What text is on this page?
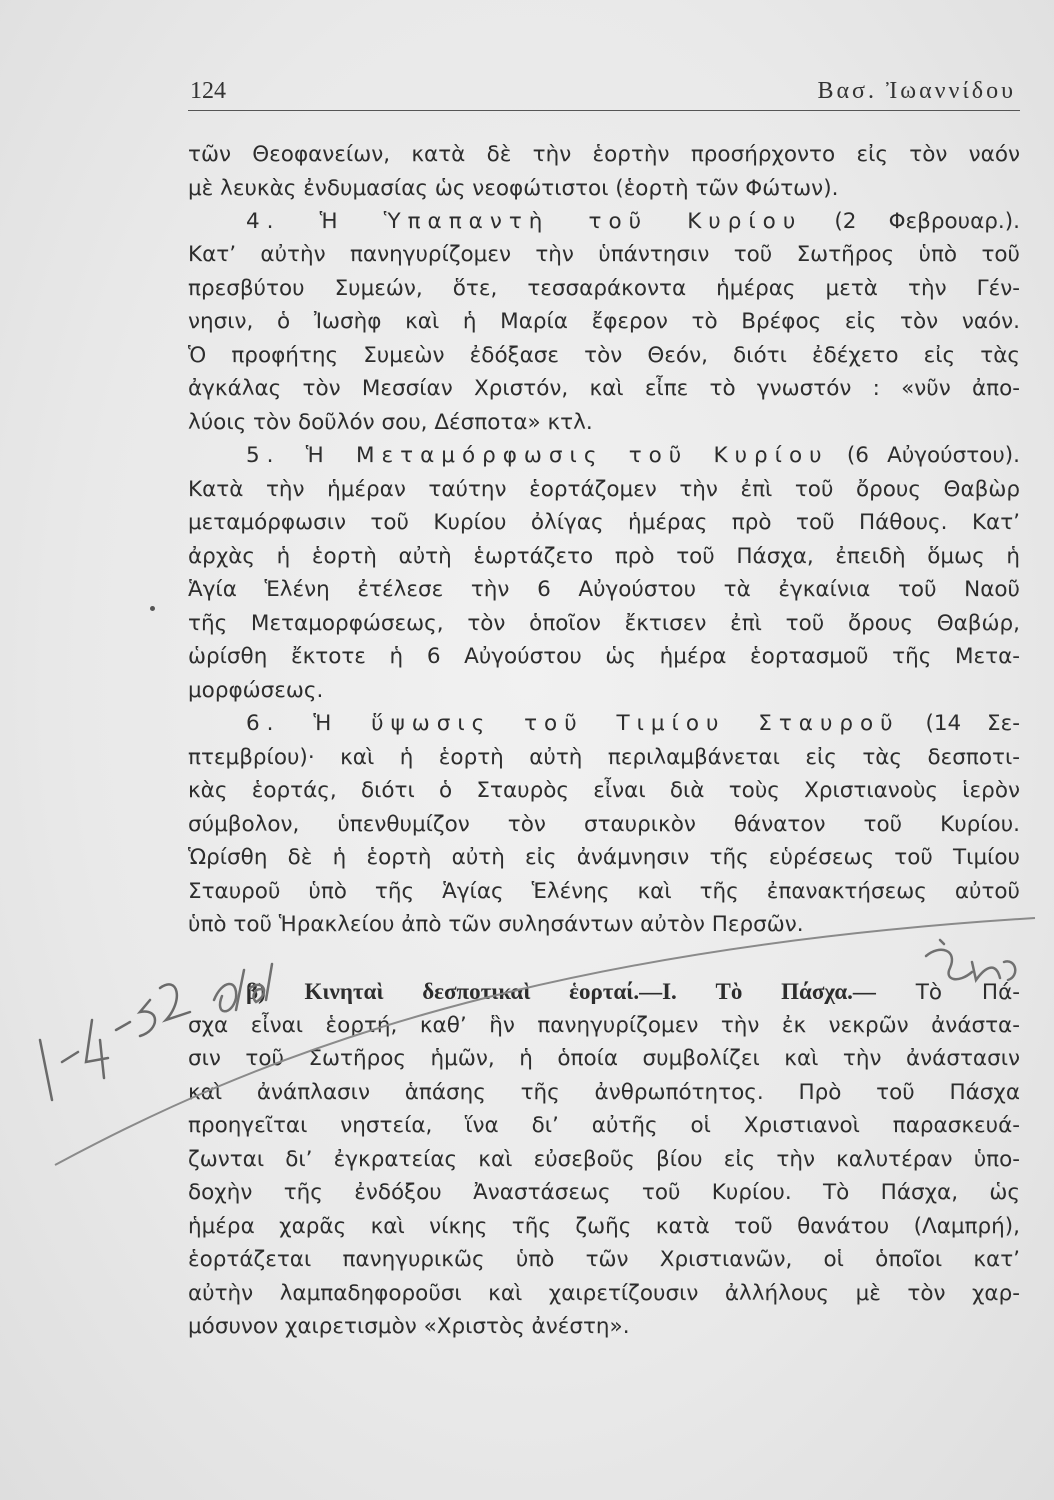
124	Βασ. Ἰωαννίδου
τῶν Θεοφανείων, κατὰ δὲ τὴν ἑορτὴν προσήρχοντο εἰς τὸν ναόν
μὲ λευκὰς ἐνδυμασίας ὡς νεοφώτιστοι (ἑορτὴ τῶν Φώτων).
4. Ἡ Ὑπαπαντὴ τοῦ Κυρίου (2 Φεβρουαρ.).
Κατ’ αὐτὴν πανηγυρίζομεν τὴν ὑπάντησιν τοῦ Σωτῆρος ὑπὸ τοῦ
πρεσβύτου Συμεών, ὅτε, τεσσαράκοντα ἡμέρας μετὰ τὴν Γέν-
νησιν, ὁ Ἰωσὴφ καὶ ἡ Μαρία ἔφερον τὸ Βρέφος εἰς τὸν ναόν.
Ὁ προφήτης Συμεὼν ἐδόξασε τὸν Θεόν, διότι ἐδέχετο εἰς τὰς
ἀγκάλας τὸν Μεσσίαν Χριστόν, καὶ εἶπε τὸ γνωστόν : «νῦν ἀπο-
λύοις τὸν δοῦλόν σου, Δέσποτα» κτλ.
5. Ἡ Μεταμόρφωσις τοῦ Κυρίου (6 Αὐγούστου).
Κατὰ τὴν ἡμέραν ταύτην ἑορτάζομεν τὴν ἐπὶ τοῦ ὄρους Θαβὼρ
μεταμόρφωσιν τοῦ Κυρίου ὀλίγας ἡμέρας πρὸ τοῦ Πάθους. Κατ’
ἀρχὰς ἡ ἑορτὴ αὐτὴ ἑωρτάζετο πρὸ τοῦ Πάσχα, ἐπειδὴ ὅμως ἡ
Ἁγία Ἑλένη ἐτέλεσε τὴν 6 Αὐγούστου τὰ ἐγκαίνια τοῦ Ναοῦ
τῆς Μεταμορφώσεως, τὸν ὁποῖον ἔκτισεν ἐπὶ τοῦ ὄρους Θαβώρ,
ὡρίσθη ἔκτοτε ἡ 6 Αὐγούστου ὡς ἡμέρα ἑορτασμοῦ τῆς Μετα-
μορφώσεως.
6. Ἡ ὕψωσις τοῦ Τιμίου Σταυροῦ (14 Σε-
πτεμβρίου)· καὶ ἡ ἑορτὴ αὐτὴ περιλαμβάνεται εἰς τὰς δεσποτι-
κὰς ἑορτάς, διότι ὁ Σταυρὸς εἶναι διὰ τοὺς Χριστιανοὺς ἱερὸν
σύμβολον, ὑπενθυμίζον τὸν σταυρικὸν θάνατον τοῦ Κυρίου.
Ὡρίσθη δὲ ἡ ἑορτὴ αὐτὴ εἰς ἀνάμνησιν τῆς εὑρέσεως τοῦ Τιμίου
Σταυροῦ ὑπὸ τῆς Ἁγίας Ἑλένης καὶ τῆς ἐπανακτήσεως αὐτοῦ
ὑπὸ τοῦ Ἡρακλείου ἀπὸ τῶν συλησάντων αὐτὸν Περσῶν.
β) Κινηταὶ δεσποτικαὶ ἑορταί.—I. Τὸ Πάσχα.— Τὸ Πά-
σχα εἶναι ἑορτή, καθ’ ἣν πανηγυρίζομεν τὴν ἐκ νεκρῶν ἀνάστα-
σιν τοῦ Σωτῆρος ἡμῶν, ἡ ὁποία συμβολίζει καὶ τὴν ἀνάστασιν
καὶ ἀνάπλασιν ἁπάσης τῆς ἀνθρωπότητος. Πρὸ τοῦ Πάσχα
προηγεῖται νηστεία, ἵνα δι’ αὐτῆς οἱ Χριστιανοὶ παρασκευά-
ζωνται δι’ ἐγκρατείας καὶ εὐσεβοῦς βίου εἰς τὴν καλυτέραν ὑπο-
δοχὴν τῆς ἐνδόξου Ἀναστάσεως τοῦ Κυρίου. Τὸ Πάσχα, ὡς
ἡμέρα χαρᾶς καὶ νίκης τῆς ζωῆς κατὰ τοῦ θανάτου (Λαμπρή),
ἑορτάζεται πανηγυρικῶς ὑπὸ τῶν Χριστιανῶν, οἱ ὁποῖοι κατ’
αὐτὴν λαμπαδηφοροῦσι καὶ χαιρετίζουσιν ἀλλήλους μὲ τὸν χαρ-
μόσυνον χαιρετισμὸν «Χριστὸς ἀνέστη».
